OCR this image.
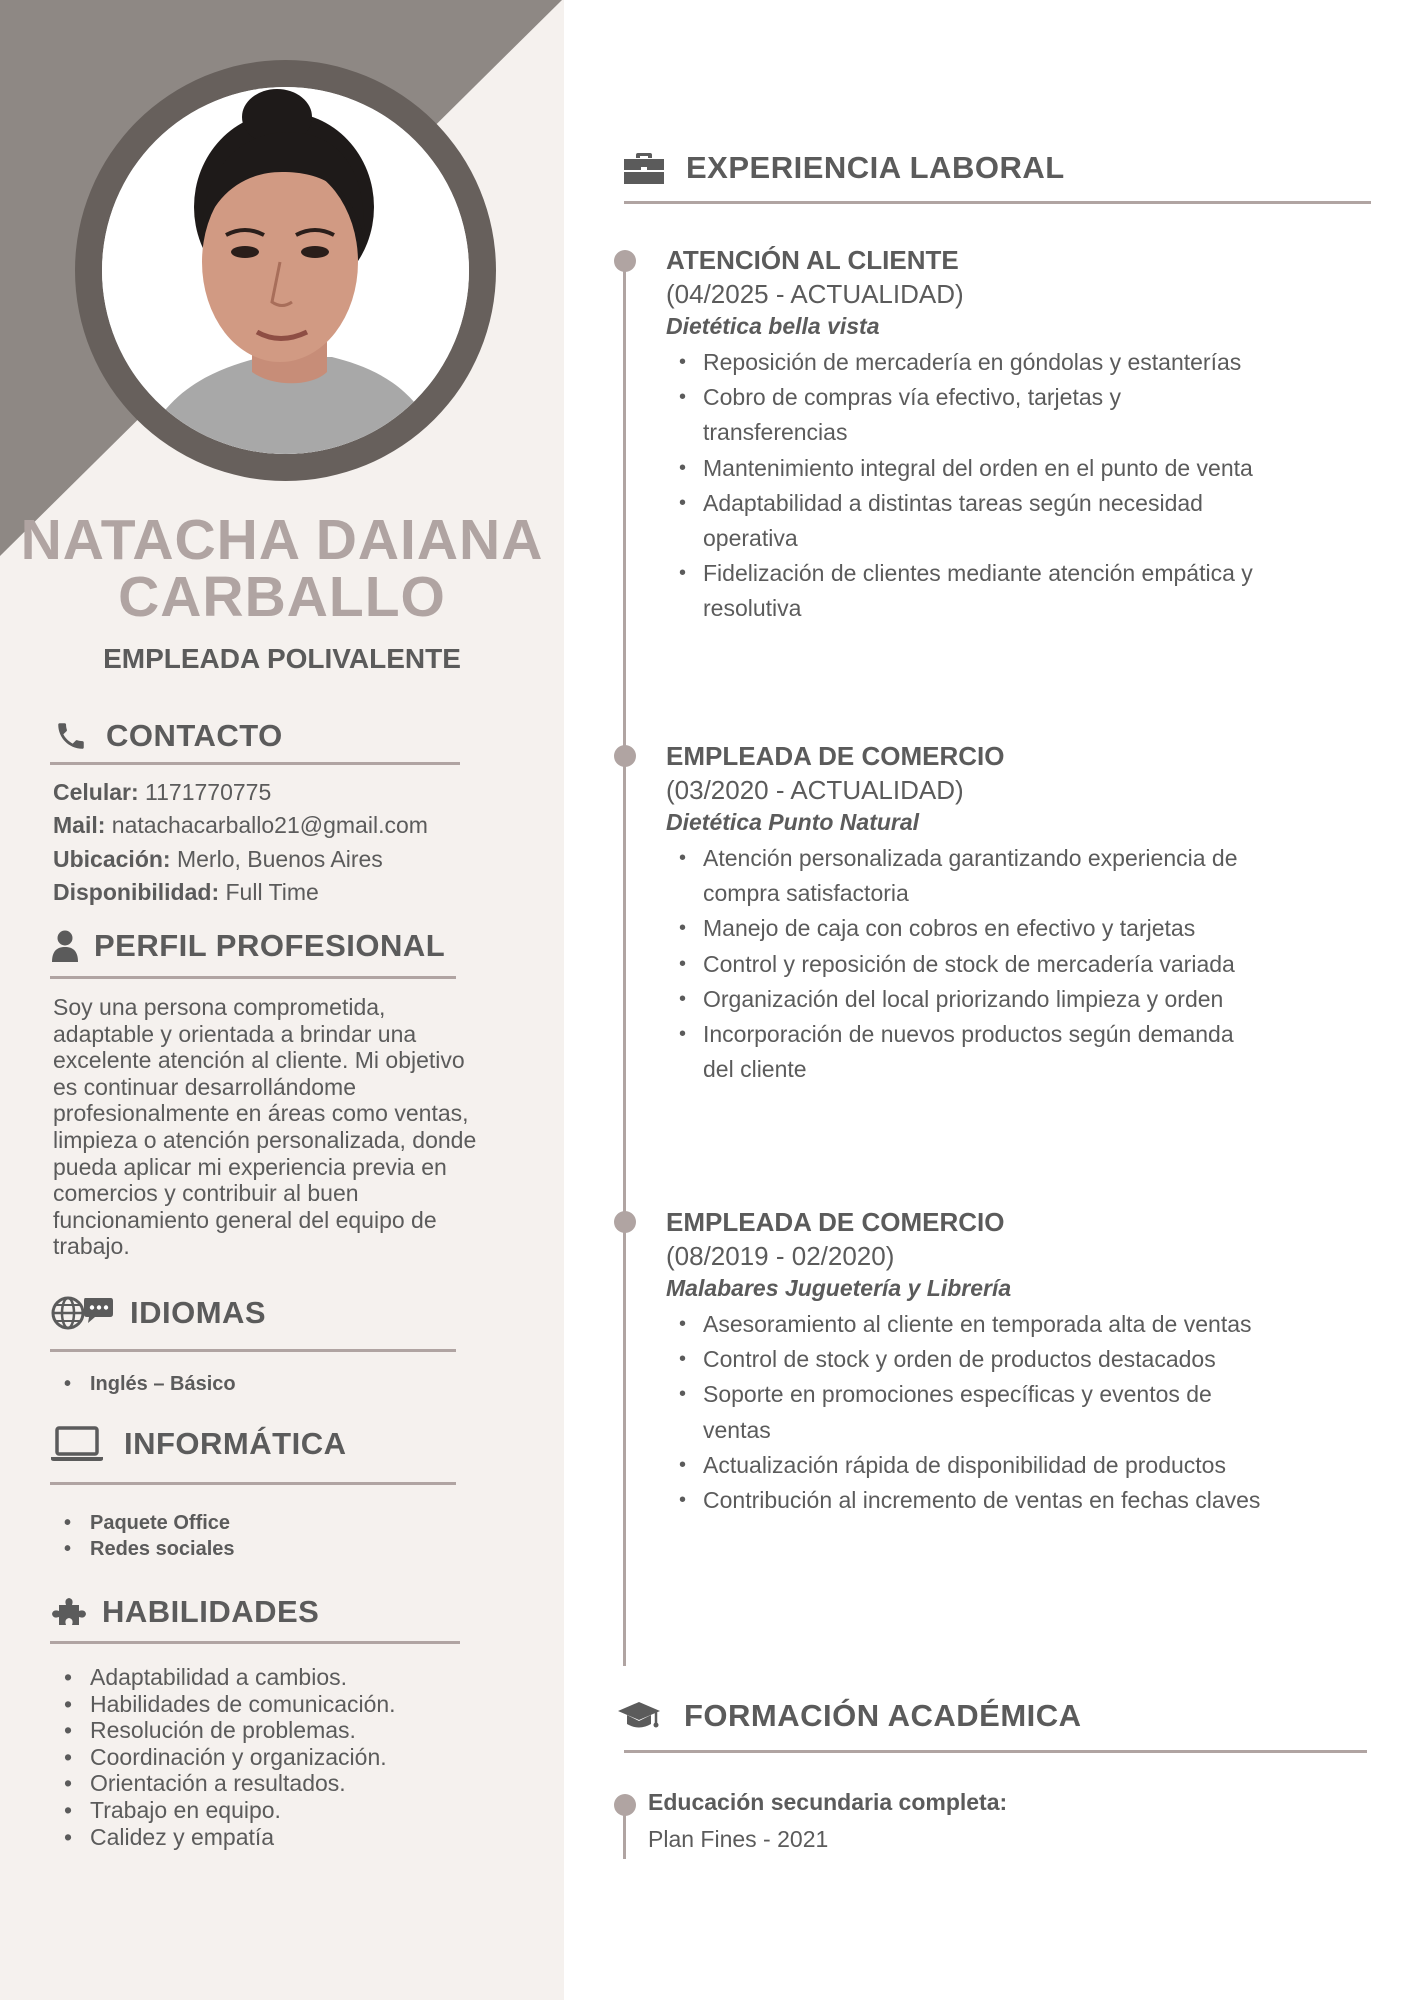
NATACHA DAIANA
CARBALLO
EMPLEADA POLIVALENTE
CONTACTO
Celular: 1171770775
Mail: natachacarballo21@gmail.com
Ubicación: Merlo, Buenos Aires
Disponibilidad: Full Time
PERFIL PROFESIONAL
Soy una persona comprometida, adaptable y orientada a brindar una excelente atención al cliente. Mi objetivo es continuar desarrollándome profesionalmente en áreas como ventas, limpieza o atención personalizada, donde pueda aplicar mi experiencia previa en comercios y contribuir al buen funcionamiento general del equipo de trabajo.
IDIOMAS
• Inglés – Básico
INFORMÁTICA
• Paquete Office
• Redes sociales
HABILIDADES
• Adaptabilidad a cambios.
• Habilidades de comunicación.
• Resolución de problemas.
• Coordinación y organización.
• Orientación a resultados.
• Trabajo en equipo.
• Calidez y empatía
EXPERIENCIA LABORAL
ATENCIÓN AL CLIENTE
(04/2025 - ACTUALIDAD)
Dietética bella vista
• Reposición de mercadería en góndolas y estanterías
• Cobro de compras vía efectivo, tarjetas y transferencias
• Mantenimiento integral del orden en el punto de venta
• Adaptabilidad a distintas tareas según necesidad operativa
• Fidelización de clientes mediante atención empática y resolutiva
EMPLEADA DE COMERCIO
(03/2020 - ACTUALIDAD)
Dietética Punto Natural
• Atención personalizada garantizando experiencia de compra satisfactoria
• Manejo de caja con cobros en efectivo y tarjetas
• Control y reposición de stock de mercadería variada
• Organización del local priorizando limpieza y orden
• Incorporación de nuevos productos según demanda del cliente
EMPLEADA DE COMERCIO
(08/2019 - 02/2020)
Malabares Juguetería y Librería
• Asesoramiento al cliente en temporada alta de ventas
• Control de stock y orden de productos destacados
• Soporte en promociones específicas y eventos de ventas
• Actualización rápida de disponibilidad de productos
• Contribución al incremento de ventas en fechas claves
FORMACIÓN ACADÉMICA
Educación secundaria completa:
Plan Fines - 2021
